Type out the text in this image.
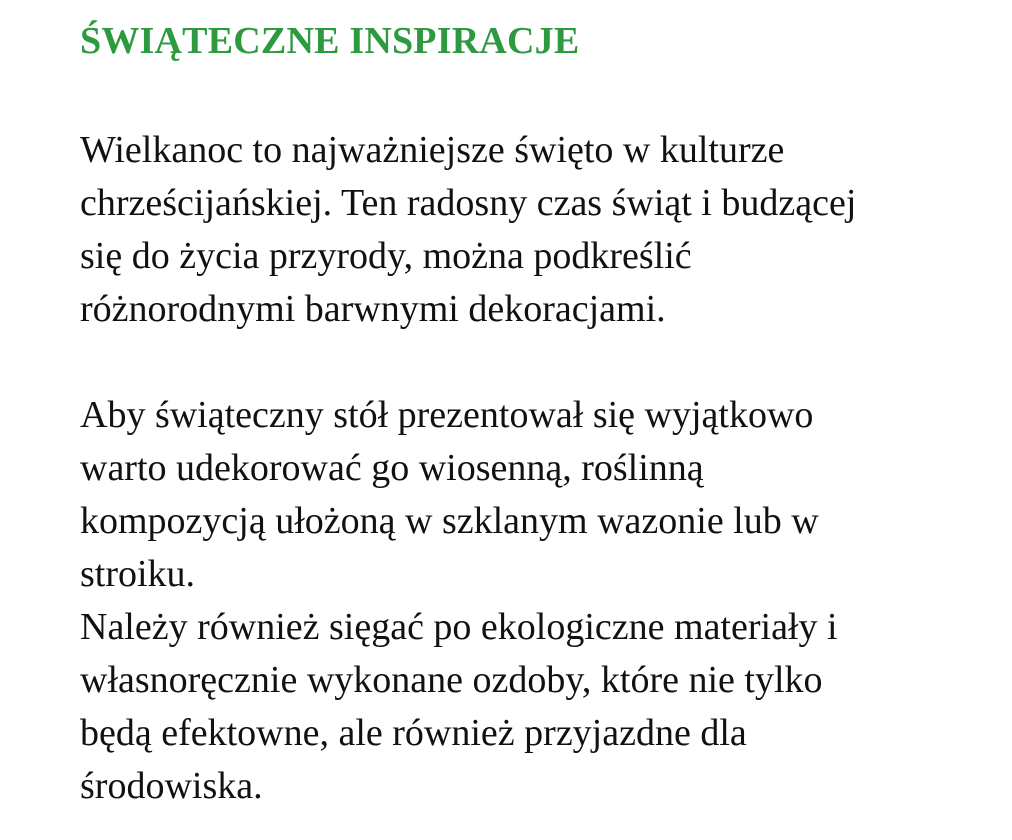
ŚWIĄTECZNE INSPIRACJE

Wielkanoc to najważniejsze święto w kulturze
chrześcijańskiej. Ten radosny czas świąt i budzącej
się do życia przyrody, można podkreślić
różnorodnymi barwnymi dekoracjami.

Aby świąteczny stół prezentował się wyjątkowo
warto udekorować go wiosenną, roślinną
kompozycją ułożoną w szklanym wazonie lub w
stroiku.

Należy również sięgać po ekologiczne materiały i
własnoręcznie wykonane ozdoby, które nie tylko
będą efektowne, ale również przyjazdne dla
środowiska.
